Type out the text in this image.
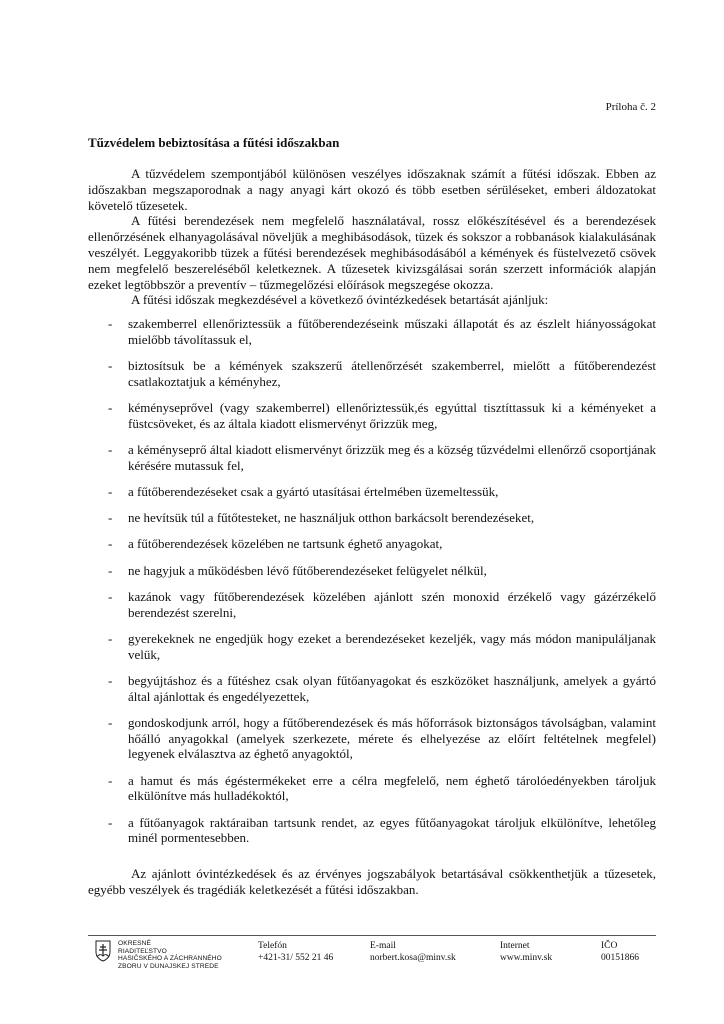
Príloha č. 2
Tűzvédelem bebiztosítása a fűtési időszakban

A tűzvédelem szempontjából különösen veszélyes időszaknak számít a fűtési időszak. Ebben az időszakban megszaporodnak a nagy anyagi kárt okozó és több esetben sérüléseket, emberi áldozatokat követelő tűzesetek.

A fűtési berendezések nem megfelelő használatával, rossz előkészítésével és a berendezések ellenőrzésének elhanyagolásával növeljük a meghibásodások, tüzek és sokszor a robbanások kialakulásának veszélyét. Leggyakoribb tüzek a fűtési berendezések meghibásodásából a kémények és füstelvezető csövek nem megfelelő beszereléséből keletkeznek. A tűzesetek kivizsgálásai során szerzett információk alapján ezeket legtöbbször a preventív – tűzmegelőzési előírások megszegése okozza.

A fűtési időszak megkezdésével a következő óvintézkedések betartását ajánljuk:

- szakemberrel ellenőriztessük a fűtőberendezéseink műszaki állapotát és az észlelt hiányosságokat mielőbb távolítassuk el,
- biztosítsuk be a kémények szakszerű átellenőrzését szakemberrel, mielőtt a fűtőberendezést csatlakoztatjuk a kéményhez,
- kéményseprővel (vagy szakemberrel) ellenőriztessük,és egyúttal tisztíttassuk ki a kéményeket a füstcsöveket, és az általa kiadott elismervényt őrizzük meg,
- a kéményseprő által kiadott elismervényt őrizzük meg és a község tűzvédelmi ellenőrző csoportjának kérésére mutassuk fel,
- a fűtőberendezéseket csak a gyártó utasításai értelmében üzemeltessük,
- ne hevítsük túl a fűtőtesteket, ne használjuk otthon barkácsolt berendezéseket,
- a fűtőberendezések közelében ne tartsunk éghető anyagokat,
- ne hagyjuk a működésben lévő fűtőberendezéseket felügyelet nélkül,
- kazánok vagy fűtőberendezések közelében ajánlott szén monoxid érzékelő vagy gázérzékelő berendezést szerelni,
- gyerekeknek ne engedjük hogy ezeket a berendezéseket kezeljék, vagy más módon manipuláljanak velük,
- begyújtáshoz és a fűtéshez csak olyan fűtőanyagokat és eszközöket használjunk, amelyek a gyártó által ajánlottak és engedélyezettek,
- gondoskodjunk arról, hogy a fűtőberendezések és más hőforrások biztonságos távolságban, valamint hőálló anyagokkal (amelyek szerkezete, mérete és elhelyezése az előírt feltételnek megfelel) legyenek elválasztva az éghető anyagoktól,
- a hamut és más égéstermékeket erre a célra megfelelő, nem éghető tárolóedényekben tároljuk elkülönítve más hulladékoktól,
- a fűtőanyagok raktáraiban tartsunk rendet, az egyes fűtőanyagokat tároljuk elkülönítve, lehetőleg minél pormentesebben.

Az ajánlott óvintézkedések és az érvényes jogszabályok betartásával csökkenthetjük a tűzesetek, egyébb veszélyek és tragédiák keletkezését a fűtési időszakban.

OKRESNÉ
RIADITEĽSTVO
HASIČSKÉHO A ZÁCHRANNÉHO
ZBORU V DUNAJSKEJ STREDE
Telefón
+421-31/ 552 21 46
E-mail
norbert.kosa@minv.sk
Internet
www.minv.sk
IČO
00151866
